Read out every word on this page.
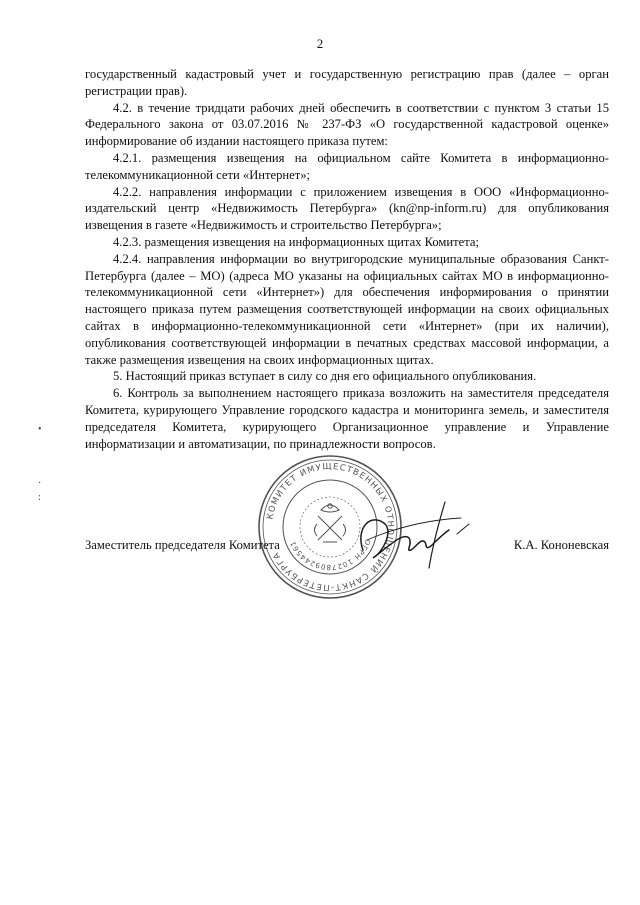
2

государственный кадастровый учет и государственную регистрацию прав (далее – орган регистрации прав).

4.2. в течение тридцати рабочих дней обеспечить в соответствии с пунктом 3 статьи 15 Федерального закона от 03.07.2016 № 237-ФЗ «О государственной кадастровой оценке» информирование об издании настоящего приказа путем:

4.2.1. размещения извещения на официальном сайте Комитета в информационно-телекоммуникационной сети «Интернет»;

4.2.2. направления информации с приложением извещения в ООО «Информационно-издательский центр «Недвижимость Петербурга» (kn@np-inform.ru) для опубликования извещения в газете «Недвижимость и строительство Петербурга»;

4.2.3. размещения извещения на информационных щитах Комитета;

4.2.4. направления информации во внутригородские муниципальные образования Санкт-Петербурга (далее – МО) (адреса МО указаны на официальных сайтах МО в информационно-телекоммуникационной сети «Интернет») для обеспечения информирования о принятии настоящего приказа путем размещения соответствующей информации на своих официальных сайтах в информационно-телекоммуникационной сети «Интернет» (при их наличии), опубликования соответствующей информации в печатных средствах массовой информации, а также размещения извещения на своих информационных щитах.

5. Настоящий приказ вступает в силу со дня его официального опубликования.

6. Контроль за выполнением настоящего приказа возложить на заместителя председателя Комитета, курирующего Управление городского кадастра и мониторинга земель, и заместителя председателя Комитета, курирующего Организационное управление и Управление информатизации и автоматизации, по принадлежности вопросов.

•
·
:
КОМИТЕТ ИМУЩЕСТВЕННЫХ ОТНОШЕНИЙ САНКТ-ПЕТЕРБУРГА
ОГРН 1027809244561
Заместитель председателя Комитета	К.А. Кононевская
